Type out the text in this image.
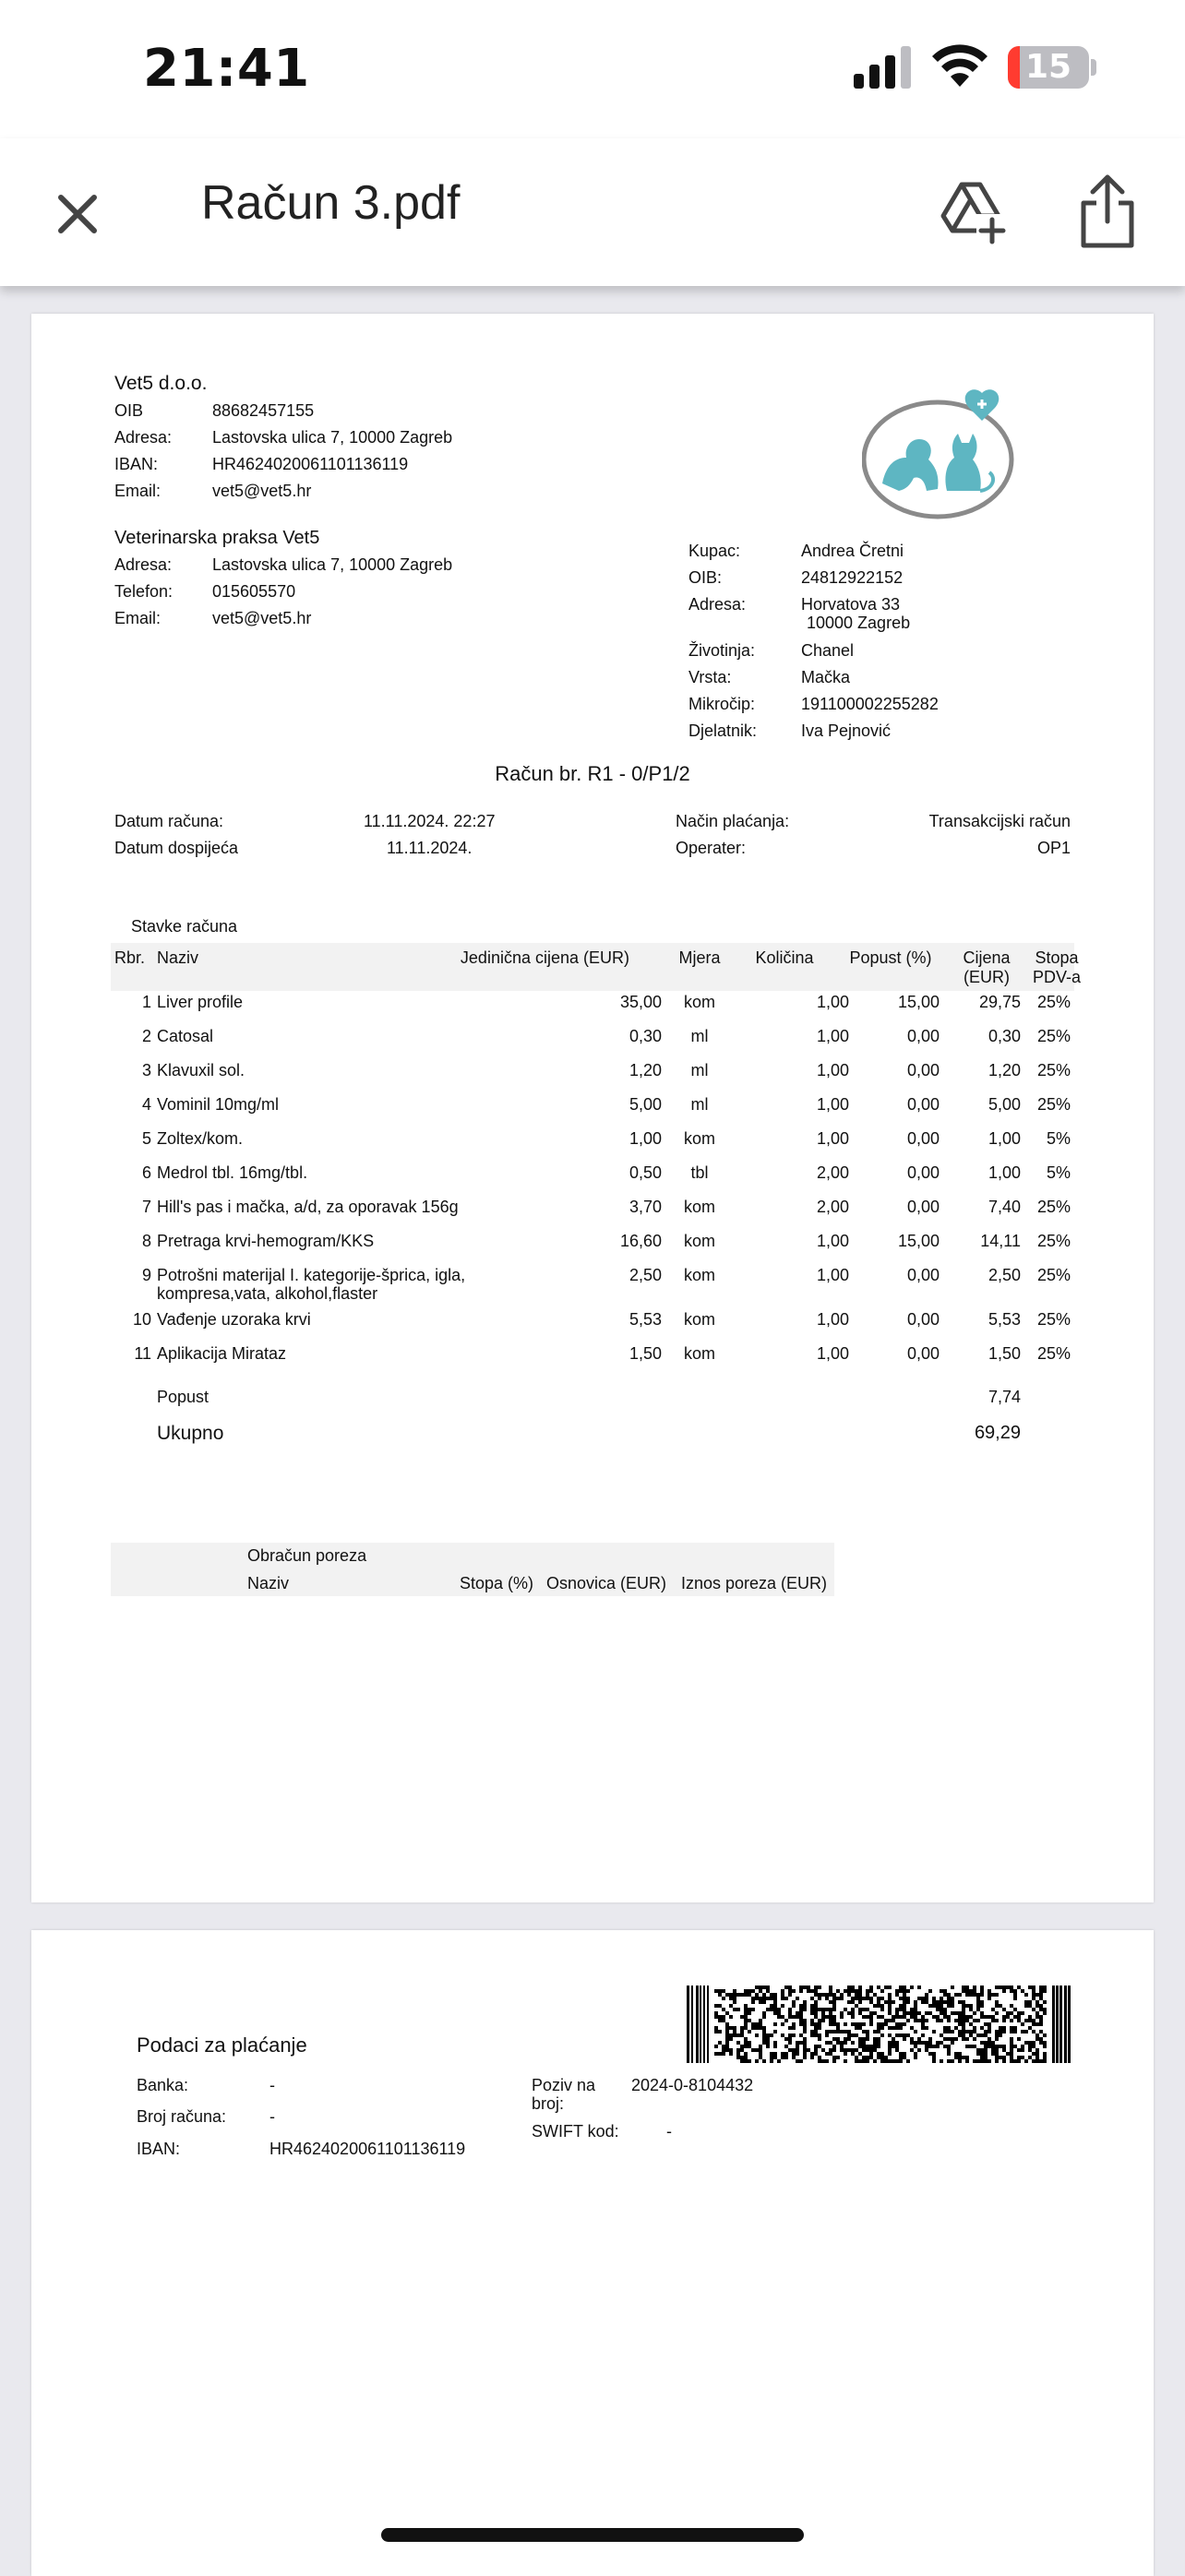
21:41	15
Račun 3.pdf
Vet5 d.o.o.
OIB	88682457155
Adresa: Lastovska ulica 7, 10000 Zagreb
IBAN:	HR4624020061101136119
Email:	vet5@vet5.hr
Veterinarska praksa Vet5
Adresa: Lastovska ulica 7, 10000 Zagreb
Telefon: 015605570
Email:	vet5@vet5.hr
Kupac:	Andrea Čretni
OIB:	24812922152
Adresa:	Horvatova 33
10000 Zagreb
Životinja:	Chanel
Vrsta:	Mačka
Mikročip:	191100002255282
Djelatnik:	Iva Pejnović
Račun br. R1 - 0/P1/2
Datum računa:	11.11.2024. 22:27
Datum dospijeća	11.11.2024.
Način plaćanja:	Transakcijski račun
Operater:	OP1
Stavke računa
Rbr. Naziv	Jedinična cijena (EUR)	Mjera	Količina	Popust (%)	Cijena
(EUR)
Stopa
PDV-a
1 Liver profile	35,00	kom	1,00	15,00 29,75 25%
2 Catosal	0,30	ml	1,00	0,00	0,30 25%
3 Klavuxil sol.	1,20	ml	1,00	0,00	1,20 25%
4 Vominil 10mg/ml	5,00	ml	1,00	0,00	5,00 25%
5 Zoltex/kom.	1,00	kom	1,00	0,00	1,00 5%
6 Medrol tbl. 16mg/tbl.	0,50	tbl	2,00	0,00	1,00 5%
7 Hill's pas i mačka, a/d, za oporavak 156g	3,70	kom	2,00	0,00	7,40 25%
8 Pretraga krvi-hemogram/KKS	16,60	kom	1,00	15,00 14,11 25%
9 Potrošni materijal I. kategorije-šprica, igla,
kompresa,vata, alkohol,flaster
2,50	kom	1,00	0,00	2,50 25%
10 Vađenje uzoraka krvi	5,53	kom	1,00	0,00	5,53 25%
11 Aplikacija Mirataz	1,50	kom	1,00	0,00	1,50 25%
Popust	7,74
Ukupno	69,29
Obračun poreza
Naziv	Stopa (%) Osnovica (EUR) Iznos poreza (EUR)
Podaci za plaćanje
Banka:	-
Broj računa:	-
IBAN:	HR4624020061101136119
Poziv na
broj:
2024-0-8104432
SWIFT kod:	-
